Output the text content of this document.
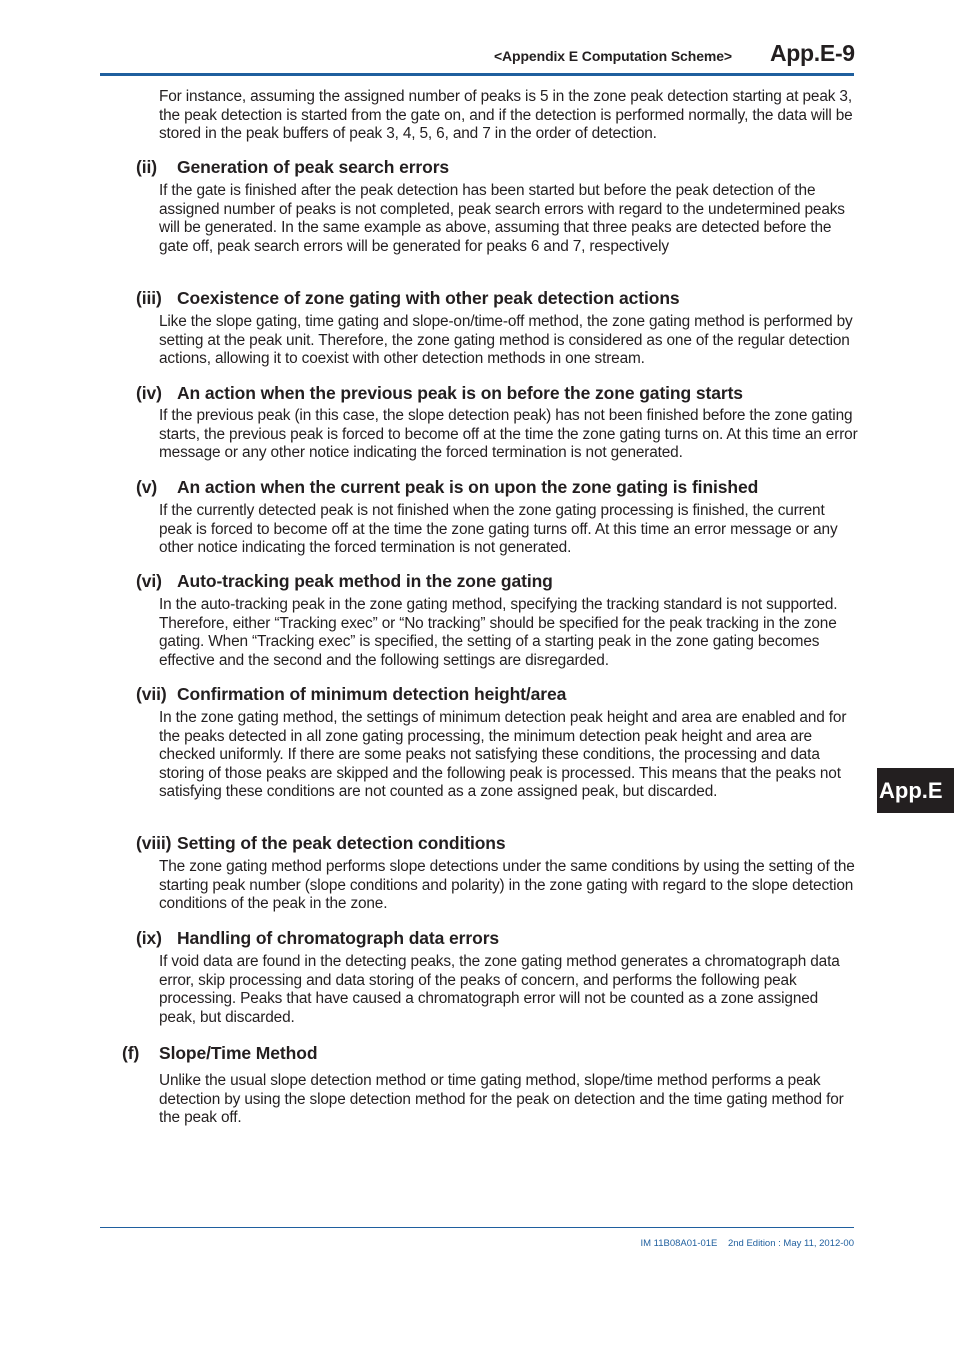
<Appendix E Computation Scheme> App.E-9
For instance, assuming the assigned number of peaks is 5 in the zone peak detection starting at peak 3, the peak detection is started from the gate on, and if the detection is performed normally, the data will be stored in the peak buffers of peak 3, 4, 5, 6, and 7 in the order of detection.
(ii) Generation of peak search errors
If the gate is finished after the peak detection has been started but before the peak detection of the assigned number of peaks is not completed, peak search errors with regard to the undetermined peaks will be generated. In the same example as above, assuming that three peaks are detected before the gate off, peak search errors will be generated for peaks 6 and 7, respectively
(iii) Coexistence of zone gating with other peak detection actions
Like the slope gating, time gating and slope-on/time-off method, the zone gating method is performed by setting at the peak unit. Therefore, the zone gating method is considered as one of the regular detection actions, allowing it to coexist with other detection methods in one stream.
(iv) An action when the previous peak is on before the zone gating starts
If the previous peak (in this case, the slope detection peak) has not been finished before the zone gating starts, the previous peak is forced to become off at the time the zone gating turns on. At this time an error message or any other notice indicating the forced termination is not generated.
(v) An action when the current peak is on upon the zone gating is finished
If the currently detected peak is not finished when the zone gating processing is finished, the current peak is forced to become off at the time the zone gating turns off. At this time an error message or any other notice indicating the forced termination is not generated.
(vi) Auto-tracking peak method in the zone gating
In the auto-tracking peak in the zone gating method, specifying the tracking standard is not supported. Therefore, either “Tracking exec” or “No tracking” should be specified for the peak tracking in the zone gating. When “Tracking exec” is specified, the setting of a starting peak in the zone gating becomes effective and the second and the following settings are disregarded.
(vii) Confirmation of minimum detection height/area
In the zone gating method, the settings of minimum detection peak height and area are enabled and for the peaks detected in all zone gating processing, the minimum detection peak height and area are checked uniformly. If there are some peaks not satisfying these conditions, the processing and data storing of those peaks are skipped and the following peak is processed. This means that the peaks not satisfying these conditions are not counted as a zone assigned peak, but discarded.
(viii) Setting of the peak detection conditions
The zone gating method performs slope detections under the same conditions by using the setting of the starting peak number (slope conditions and polarity) in the zone gating with regard to the slope detection conditions of the peak in the zone.
(ix) Handling of chromatograph data errors
If void data are found in the detecting peaks, the zone gating method generates a chromatograph data error, skip processing and data storing of the peaks of concern, and performs the following peak processing. Peaks that have caused a chromatograph error will not be counted as a zone assigned peak, but discarded.
(f) Slope/Time Method
Unlike the usual slope detection method or time gating method, slope/time method performs a peak detection by using the slope detection method for the peak on detection and the time gating method for the peak off.
App.E
IM 11B08A01-01E 2nd Edition : May 11, 2012-00
